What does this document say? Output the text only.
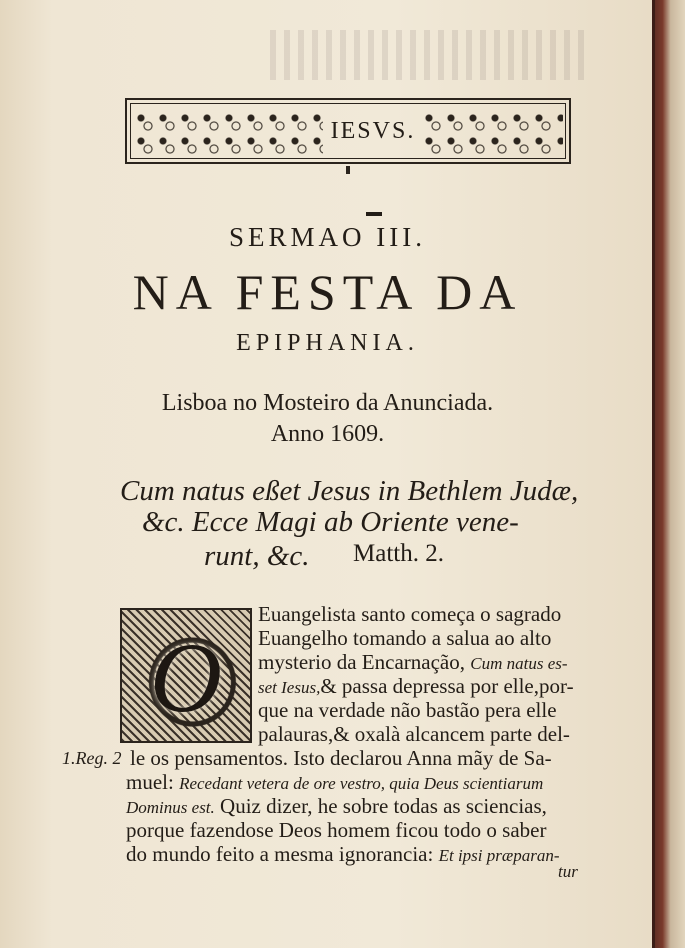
IESVS.
SERMAO III.
NA FESTA DA
EPIPHANIA.
Lisboa no Mosteiro da Anunciada.
Anno 1609.
Cum natus eßet Jesus in Bethlem Judæ,
&c. Ecce Magi ab Oriente vene-
runt, &c. Matth. 2.
O
1.Reg. 2
Euangelista santo começa o sagrado
Euangelho tomando a salua ao alto
mysterio da Encarnação, Cum natus es-
set Iesus,& passa depressa por elle,por-
que na verdade não bastão pera elle
palauras,& oxalà alcancem parte del-
le os pensamentos. Isto declarou Anna mãy de Sa-
muel: Recedant vetera de ore vestro, quia Deus scientiarum
Dominus est. Quiz dizer, he sobre todas as sciencias,
porque fazendose Deos homem ficou todo o saber
do mundo feito a mesma ignorancia: Et ipsi præparan-
tur
